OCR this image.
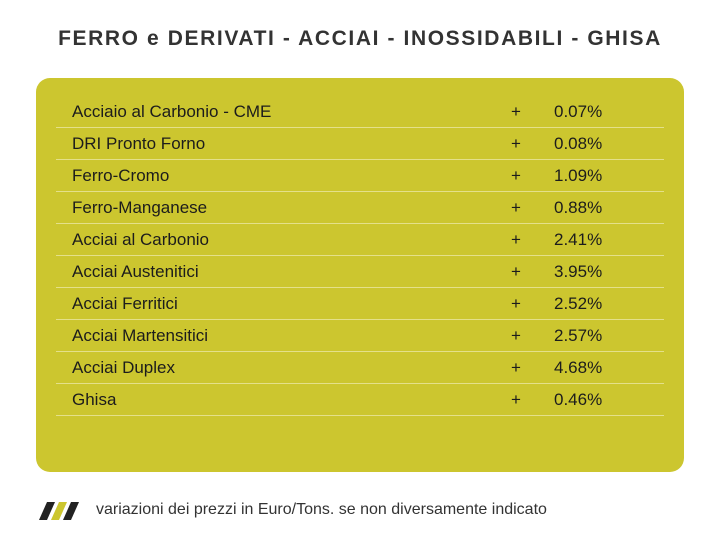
FERRO e DERIVATI - ACCIAI - INOSSIDABILI - GHISA
Acciaio al Carbonio - CME	+	0.07%
DRI Pronto Forno	+	0.08%
Ferro-Cromo	+	1.09%
Ferro-Manganese	+	0.88%
Acciai al Carbonio	+	2.41%
Acciai Austenitici	+	3.95%
Acciai Ferritici	+	2.52%
Acciai Martensitici	+	2.57%
Acciai Duplex	+	4.68%
Ghisa	+	0.46%
variazioni dei prezzi in Euro/Tons. se non diversamente indicato
